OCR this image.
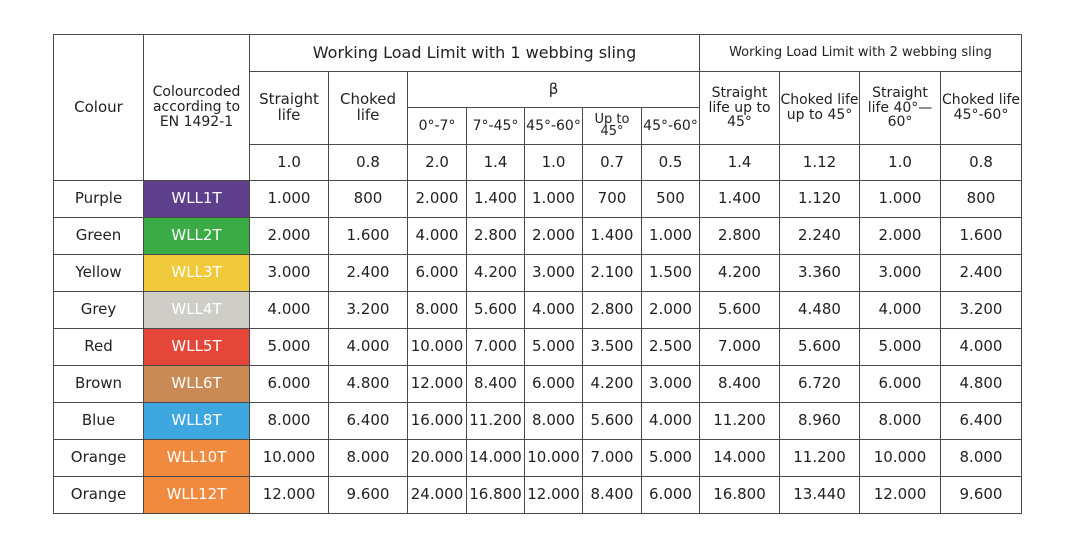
Colour	Colourcoded according to EN 1492-1	Working Load Limit with 1 webbing sling							Working Load Limit with 2 webbing sling			
		Straight life	Choked life	β					Straight life up to 45°	Choked life up to 45°	Straight life 40°—60°	Choked life 45°-60°
				0°-7°	7°-45°	45°-60°	Up to 45°	45°-60°				
		1.0	0.8	2.0	1.4	1.0	0.7	0.5	1.4	1.12	1.0	0.8
Purple	WLL1T	1.000	800	2.000	1.400	1.000	700	500	1.400	1.120	1.000	800
Green	WLL2T	2.000	1.600	4.000	2.800	2.000	1.400	1.000	2.800	2.240	2.000	1.600
Yellow	WLL3T	3.000	2.400	6.000	4.200	3.000	2.100	1.500	4.200	3.360	3.000	2.400
Grey	WLL4T	4.000	3.200	8.000	5.600	4.000	2.800	2.000	5.600	4.480	4.000	3.200
Red	WLL5T	5.000	4.000	10.000	7.000	5.000	3.500	2.500	7.000	5.600	5.000	4.000
Brown	WLL6T	6.000	4.800	12.000	8.400	6.000	4.200	3.000	8.400	6.720	6.000	4.800
Blue	WLL8T	8.000	6.400	16.000	11.200	8.000	5.600	4.000	11.200	8.960	8.000	6.400
Orange	WLL10T	10.000	8.000	20.000	14.000	10.000	7.000	5.000	14.000	11.200	10.000	8.000
Orange	WLL12T	12.000	9.600	24.000	16.800	12.000	8.400	6.000	16.800	13.440	12.000	9.600
